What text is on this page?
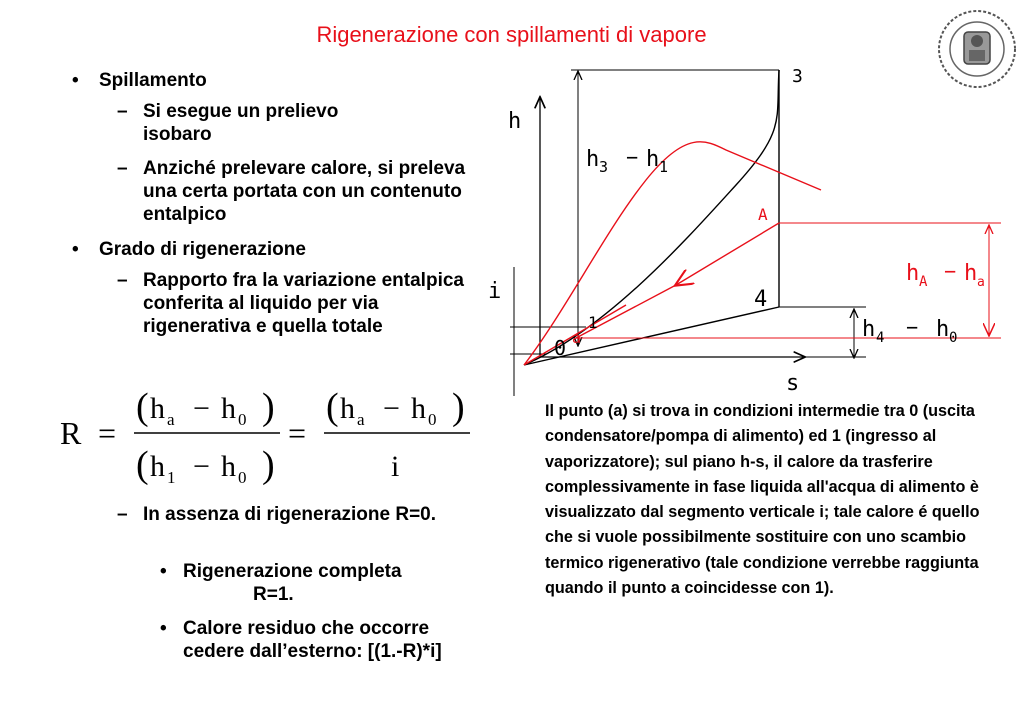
Rigenerazione con spillamenti di vapore
• Spillamento
– Si esegue un prelievo isobaro
– Anziché prelevare calore, si preleva una certa portata con un contenuto entalpico
• Grado di rigenerazione
– Rapporto fra la variazione entalpica conferita al liquido per via rigenerativa e quella totale
R =
( h a − h 0 )
( h 1 − h 0 )
=
( h a − h 0 )
i
– In assenza di rigenerazione R=0.
• Rigenerazione completa
R=1.
• Calore residuo che occorre cedere dall’esterno: [(1.-R)*i]
Il punto (a) si trova in condizioni intermedie tra 0 (uscita condensatore/pompa di alimento) ed 1 (ingresso al vaporizzatore); sul piano h-s, il calore da trasferire complessivamente in fase liquida all'acqua di alimento è visualizzato dal segmento verticale i; tale calore é quello che si vuole possibilmente sostituire con uno scambio termico rigenerativo (tale condizione verrebbe raggiunta quando il punto a coincidesse con 1).
h
s
3
4
1
0
A
a
i
h 3 − h 1
h A − h a
h 4 − h 0
